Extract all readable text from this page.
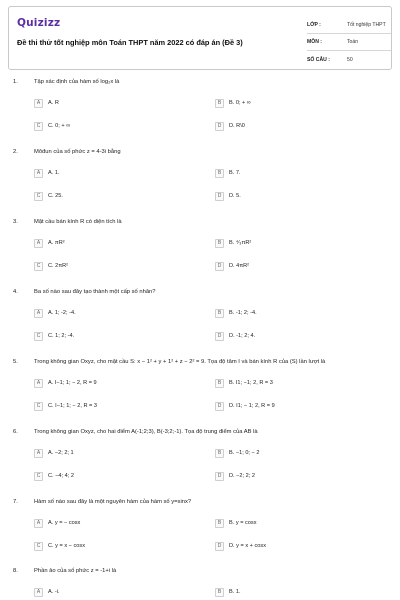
Quizizz
Đề thi thử tốt nghiệp môn Toán THPT năm 2022 có đáp án (Đề 3)
LỚP :	Tốt nghiệp THPT
MÔN :	Toán
SỐ CÂU :	50
1.	Tập xác định của hàm số log₂x là
A	A. R	B	B. 0; + ∞
C	C. 0; + ∞	D	D. R\0
2.	Môđun của số phức z = 4-3i bằng
A	A. 1.	B	B. 7.
C	C. 25.	D	D. 5.
3.	Mặt cầu bán kính R có diện tích là
A	A. πR²	B	B. ⁴⁄₃πR²
C	C. 2πR²	D	D. 4πR²
4.	Ba số nào sau đây tạo thành một cấp số nhân?
A	A. 1; -2; -4.	B	B. -1; 2; -4.
C	C. 1; 2; -4.	D	D. -1; 2; 4.
5.	Trong không gian Oxyz, cho mặt cầu S: x − 1² + y + 1² + z − 2² = 9. Tọa độ tâm I và bán kính R của (S) lần lượt là
A	A. I−1; 1; − 2, R = 9	B	B. I1; −1; 2, R = 3
C	C. I−1; 1; − 2, R = 3	D	D. I1; − 1; 2, R = 9
6.	Trong không gian Oxyz, cho hai điểm A(-1;2;3), B(-3;2;-1). Tọa độ trung điểm của AB là
A	A. −2; 2; 1	B	B. −1; 0; − 2
C	C. −4; 4; 2	D	D. −2; 2; 2
7.	Hàm số nào sau đây là một nguyên hàm của hàm số y=sinx?
A	A. y = − cosx	B	B. y = cosx
C	C. y = x − cosx	D	D. y = x + cosx
8.	Phần ảo của số phức z = -1+i là
A	A. -i.	B	B. 1.
